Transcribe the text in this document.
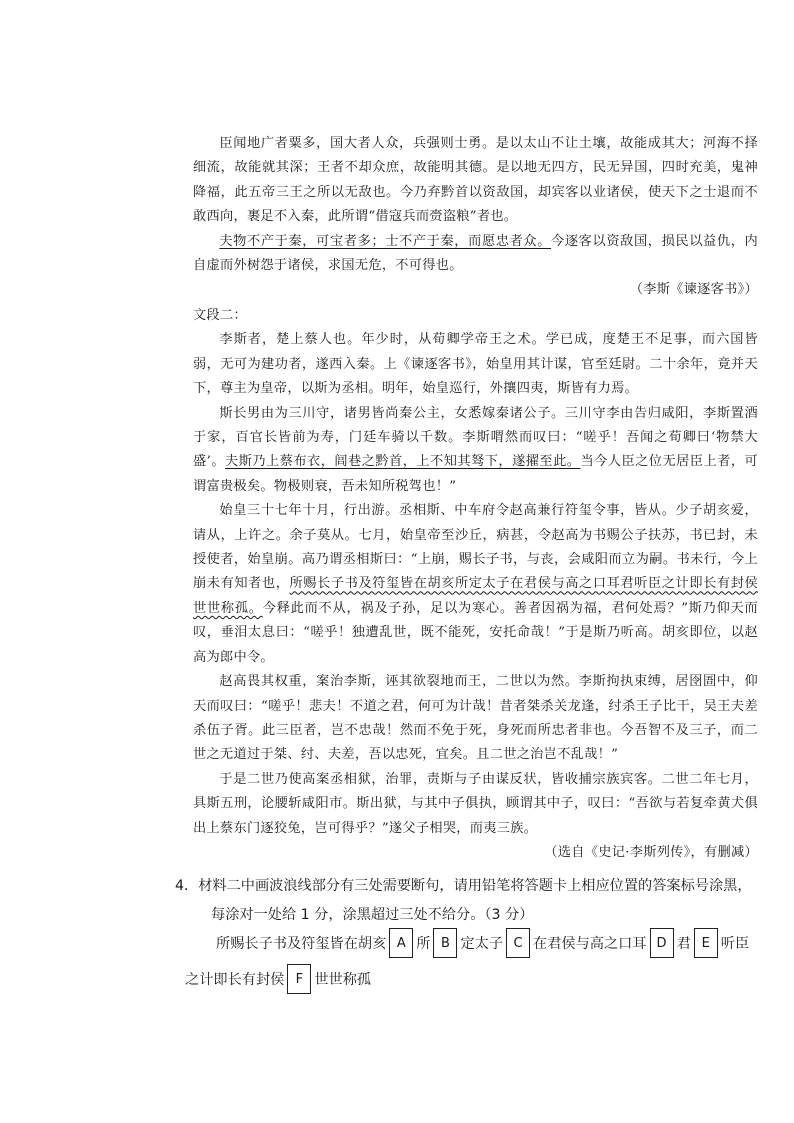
臣闻地广者粟多，国大者人众，兵强则士勇。是以太山不让土壤，故能成其大；河海不择细流，故能就其深；王者不却众庶，故能明其德。是以地无四方，民无异国，四时充美，鬼神降福，此五帝三王之所以无敌也。今乃弃黔首以资敌国，却宾客以业诸侯，使天下之士退而不敢西向，裹足不入秦，此所谓“借寇兵而赍盗粮”者也。

夫物不产于秦，可宝者多；士不产于秦，而愿忠者众。今逐客以资敌国，损民以益仇，内自虚而外树怨于诸侯，求国无危，不可得也。

（李斯《谏逐客书》）

文段二：

李斯者，楚上蔡人也。年少时，从荀卿学帝王之术。学已成，度楚王不足事，而六国皆弱，无可为建功者，遂西入秦。上《谏逐客书》，始皇用其计谋，官至廷尉。二十余年，竟并天下，尊主为皇帝，以斯为丞相。明年，始皇巡行，外攘四夷，斯皆有力焉。

斯长男由为三川守，诸男皆尚秦公主，女悉嫁秦诸公子。三川守李由告归咸阳，李斯置酒于家，百官长皆前为寿，门廷车骑以千数。李斯喟然而叹曰：“嗟乎！吾闻之荀卿曰‘物禁大盛’。夫斯乃上蔡布衣，闾巷之黔首，上不知其驽下，遂擢至此。当今人臣之位无居臣上者，可谓富贵极矣。物极则衰，吾未知所税驾也！”

始皇三十七年十月，行出游。丞相斯、中车府令赵高兼行符玺令事，皆从。少子胡亥爱，请从，上许之。余子莫从。七月，始皇帝至沙丘，病甚，令赵高为书赐公子扶苏，书已封，未授使者，始皇崩。高乃谓丞相斯曰：“上崩，赐长子书，与丧，会咸阳而立为嗣。书未行，今上崩未有知者也，所赐长子书及符玺皆在胡亥所定太子在君侯与高之口耳君听臣之计即长有封侯世世称孤。今释此而不从，祸及子孙，足以为寒心。善者因祸为福，君何处焉？”斯乃仰天而叹，垂泪太息曰：“嗟乎！独遭乱世，既不能死，安托命哉！”于是斯乃听高。胡亥即位，以赵高为郎中令。

赵高畏其权重，案治李斯，诬其欲裂地而王，二世以为然。李斯拘执束缚，居囹圄中，仰天而叹曰：“嗟乎！悲夫！不道之君，何可为计哉！昔者桀杀关龙逢，纣杀王子比干，吴王夫差杀伍子胥。此三臣者，岂不忠哉！然而不免于死，身死而所忠者非也。今吾智不及三子，而二世之无道过于桀、纣、夫差，吾以忠死，宜矣。且二世之治岂不乱哉！”

于是二世乃使高案丞相狱，治罪，责斯与子由谋反状，皆收捕宗族宾客。二世二年七月，具斯五刑，论腰斩咸阳市。斯出狱，与其中子俱执，顾谓其中子，叹曰：“吾欲与若复牵黄犬俱出上蔡东门逐狡兔，岂可得乎？”遂父子相哭，而夷三族。

（选自《史记·李斯列传》，有删减）

4．材料二中画波浪线部分有三处需要断句，请用铅笔将答题卡上相应位置的答案标号涂黑，

每涂对一处给 1 分，涂黑超过三处不给分。（3 分）

所赐长子书及符玺皆在胡亥 A 所 B 定太子 C 在君侯与高之口耳 D 君 E 听臣
之计即长有封侯 F 世世称孤
